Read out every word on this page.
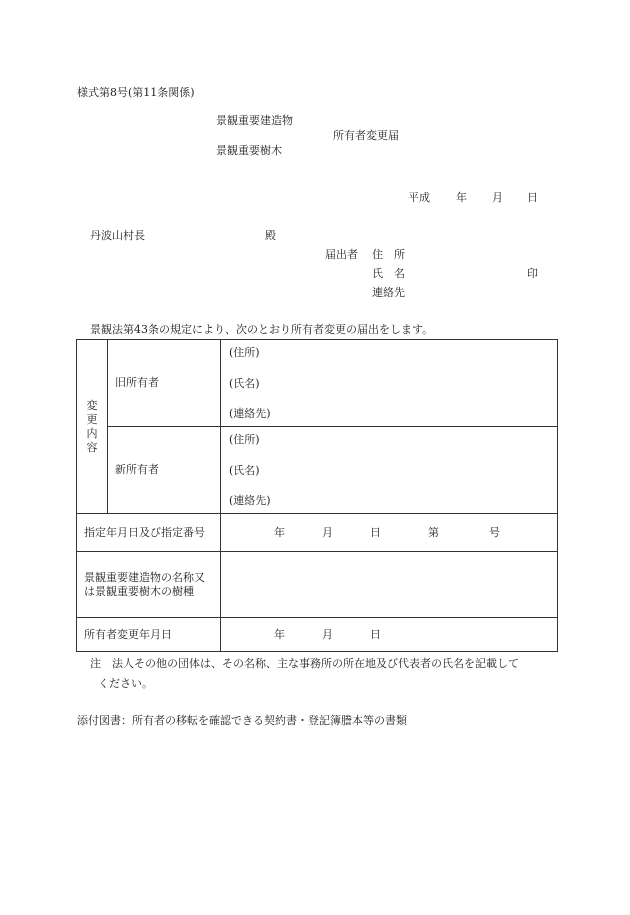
様式第8号(第11条関係)
景観重要建造物
所有者変更届
景観重要樹木
平成 年 月 日
丹波山村長	殿
届出者 住　所
氏　名	印
連絡先
景観法第43条の規定により、次のとおり所有者変更の届出をします。
変
更
内
容	旧所有者	(住所)
(氏名)
(連絡先)

	新所有者	(住所)
(氏名)
(連絡先)

指定年月日及び指定番号		年 月 日 第 号

景観重要建造物の名称又
は景観重要樹木の樹種		

所有者変更年月日		年 月 日
注 法人その他の団体は、その名称、主な事務所の所在地及び代表者の氏名を記載して
ください。
添付図書：所有者の移転を確認できる契約書・登記簿謄本等の書類
